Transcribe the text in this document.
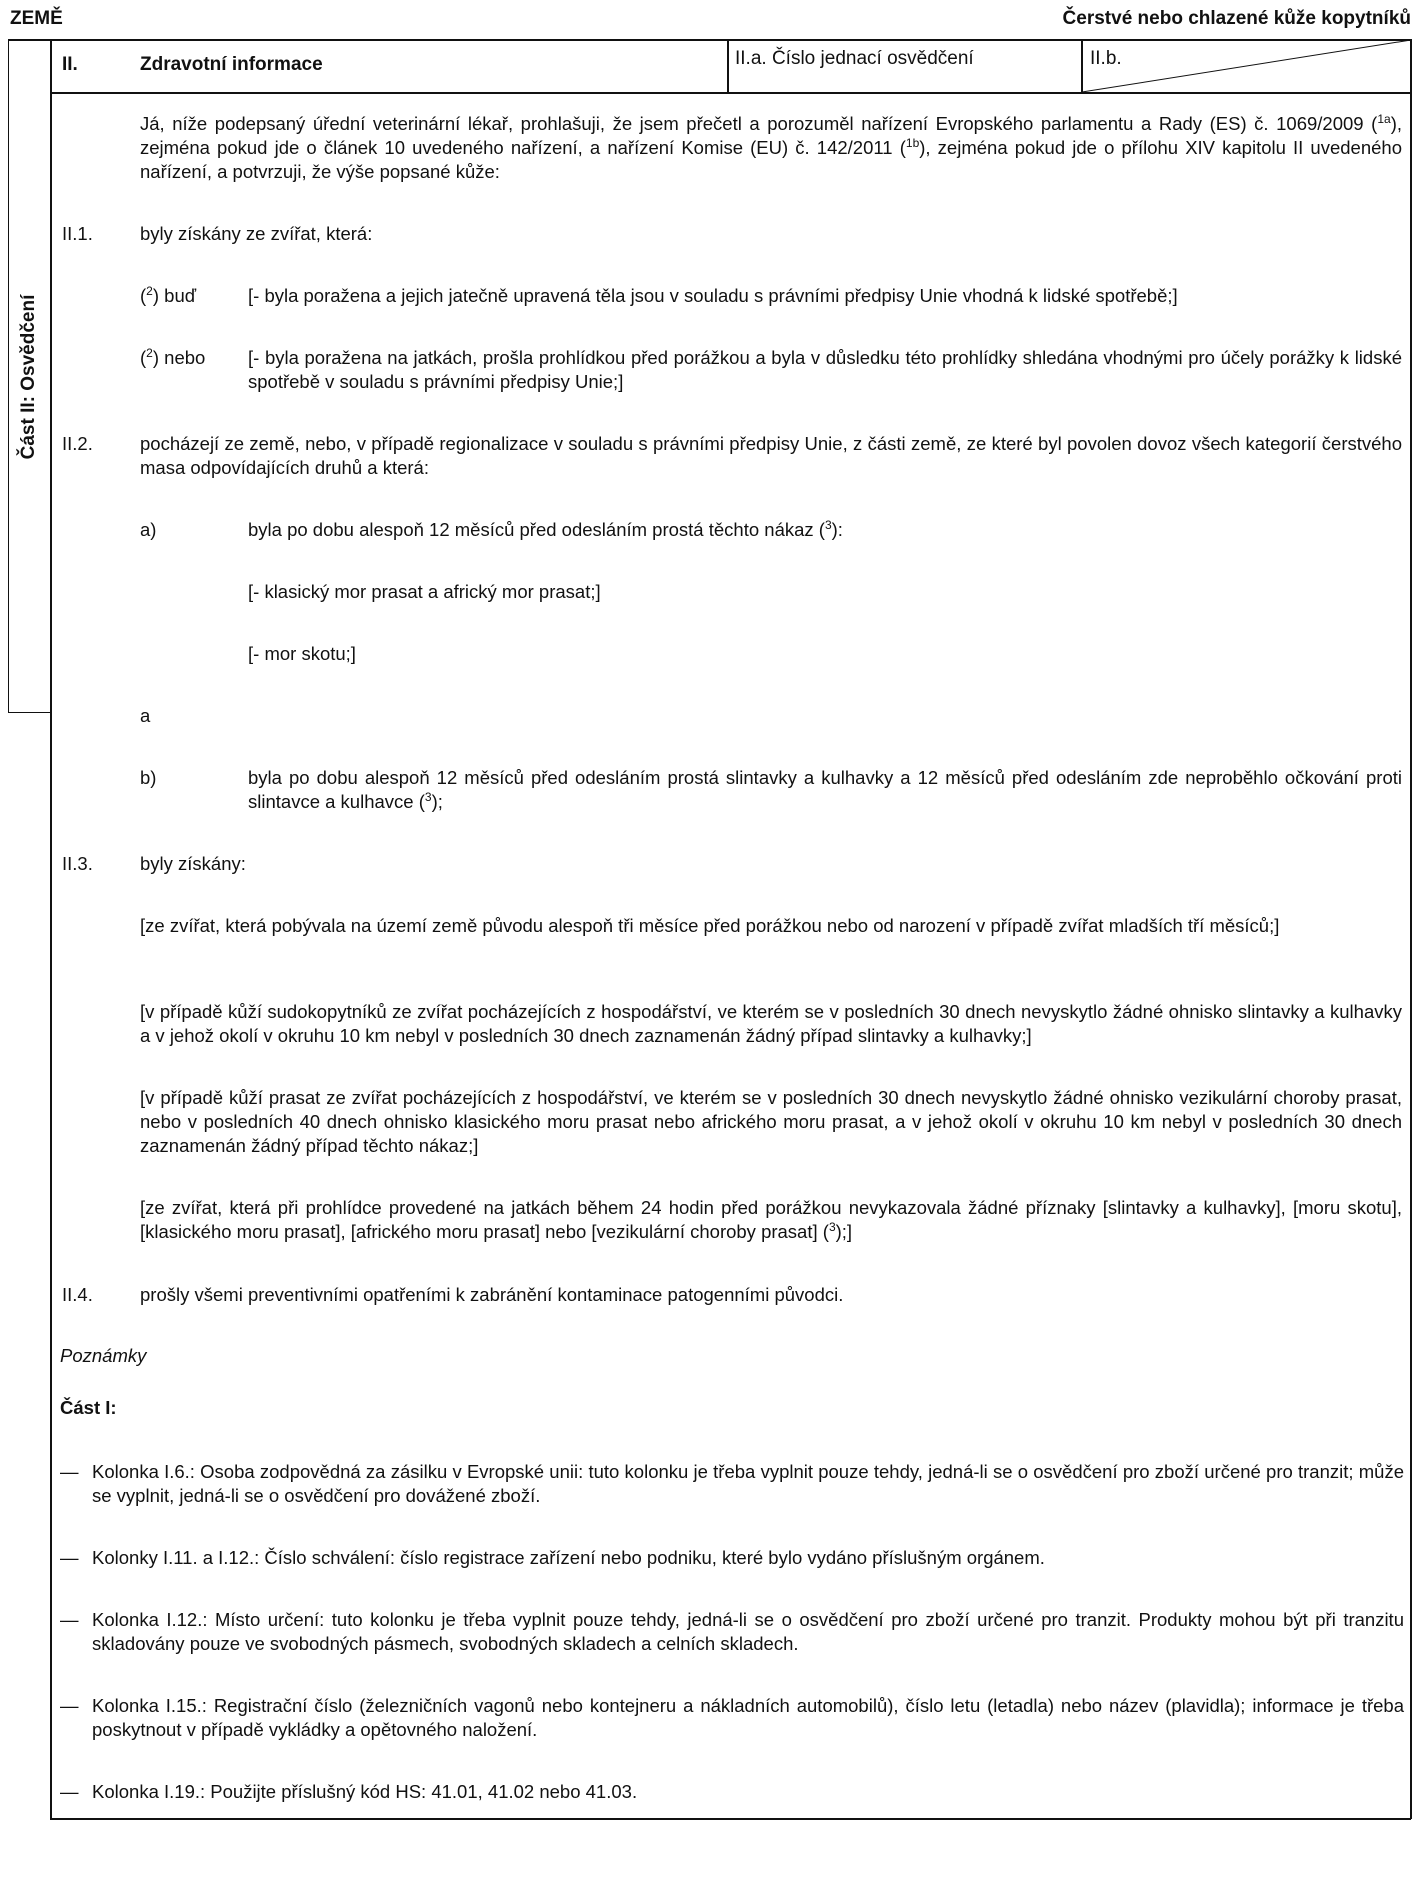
ZEMĚ	Čerstvé nebo chlazené kůže kopytníků
Část II: Osvědčení
II.	Zdravotní informace	II.a. Číslo jednací osvědčení	II.b.
Já, níže podepsaný úřední veterinární lékař, prohlašuji, že jsem přečetl a porozuměl nařízení Evropského parlamentu a Rady (ES) č. 1069/2009 ($^{1a}$), zejména pokud jde o článek 10 uvedeného nařízení, a nařízení Komise (EU) č. 142/2011 ($^{1b}$), zejména pokud jde o přílohu XIV kapitolu II uvedeného nařízení, a potvrzuji, že výše popsané kůže:
II.1.	byly získány ze zvířat, která:
($^2$) buď	[- byla poražena a jejich jatečně upravená těla jsou v souladu s právními předpisy Unie vhodná k lidské spotřebě;]
($^2$) nebo [- byla poražena na jatkách, prošla prohlídkou před porážkou a byla v důsledku této prohlídky shledána vhodnými pro účely porážky k lidské spotřebě v souladu s právními předpisy Unie;]
II.2.	pocházejí ze země, nebo, v případě regionalizace v souladu s právními předpisy Unie, z části země, ze které byl povolen dovoz všech kategorií čerstvého masa odpovídajících druhů a která:
a)	byla po dobu alespoň 12 měsíců před odesláním prostá těchto nákaz ($^3$):
[- klasický mor prasat a africký mor prasat;]
[- mor skotu;]
a
b)	byla po dobu alespoň 12 měsíců před odesláním prostá slintavky a kulhavky a 12 měsíců před odesláním zde neproběhlo očkování proti slintavce a kulhavce ($^3$);
II.3.	byly získány:
[ze zvířat, která pobývala na území země původu alespoň tři měsíce před porážkou nebo od narození v případě zvířat mladších tří měsíců;]
[v případě kůží sudokopytníků ze zvířat pocházejících z hospodářství, ve kterém se v posledních 30 dnech nevyskytlo žádné ohnisko slintavky a kulhavky a v jehož okolí v okruhu 10 km nebyl v posledních 30 dnech zaznamenán žádný případ slintavky a kulhavky;]
[v případě kůží prasat ze zvířat pocházejících z hospodářství, ve kterém se v posledních 30 dnech nevyskytlo žádné ohnisko vezikulární choroby prasat, nebo v posledních 40 dnech ohnisko klasického moru prasat nebo afrického moru prasat, a v jehož okolí v okruhu 10 km nebyl v posledních 30 dnech zaznamenán žádný případ těchto nákaz;]
[ze zvířat, která při prohlídce provedené na jatkách během 24 hodin před porážkou nevykazovala žádné příznaky [slintavky a kulhavky], [moru skotu], [klasického moru prasat], [afrického moru prasat] nebo [vezikulární choroby prasat] ($^3$);]
II.4.	prošly všemi preventivními opatřeními k zabránění kontaminace patogenními původci.
Poznámky
Část I:
— Kolonka I.6.: Osoba zodpovědná za zásilku v Evropské unii: tuto kolonku je třeba vyplnit pouze tehdy, jedná-li se o osvědčení pro zboží určené pro tranzit; může se vyplnit, jedná-li se o osvědčení pro dovážené zboží.
— Kolonky I.11. a I.12.: Číslo schválení: číslo registrace zařízení nebo podniku, které bylo vydáno příslušným orgánem.
— Kolonka I.12.: Místo určení: tuto kolonku je třeba vyplnit pouze tehdy, jedná-li se o osvědčení pro zboží určené pro tranzit. Produkty mohou být při tranzitu skladovány pouze ve svobodných pásmech, svobodných skladech a celních skladech.
— Kolonka I.15.: Registrační číslo (železničních vagonů nebo kontejneru a nákladních automobilů), číslo letu (letadla) nebo název (plavidla); informace je třeba poskytnout v případě vykládky a opětovného naložení.
— Kolonka I.19.: Použijte příslušný kód HS: 41.01, 41.02 nebo 41.03.
